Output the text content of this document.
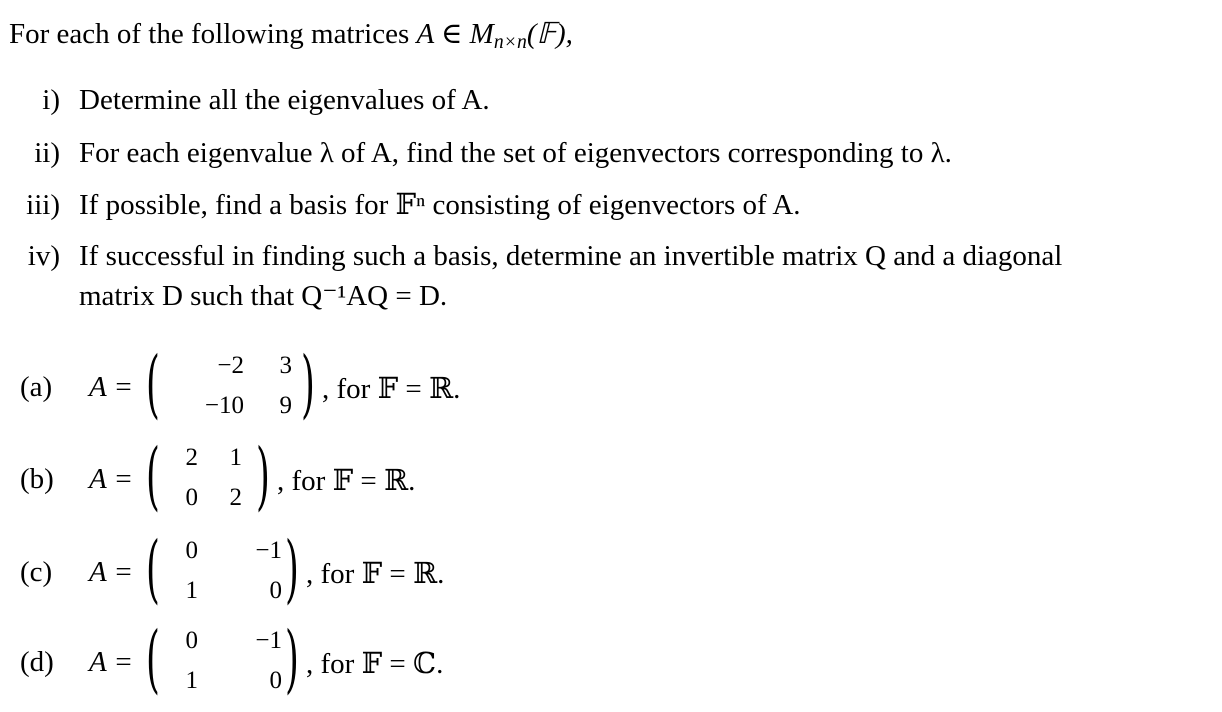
For each of the following matrices A ∈ $M_{n\times n}(𝔽)$,
i) Determine all the eigenvalues of A.
ii) For each eigenvalue λ of A, find the set of eigenvectors corresponding to λ.
iii) If possible, find a basis for 𝔽ⁿ consisting of eigenvectors of A.
iv) If successful in finding such a basis, determine an invertible matrix Q and a diagonal
matrix D such that Q⁻¹AQ = D.
(a) A = (	−2	3
−10	9 ) , for 𝔽 = ℝ.
(b) A = (	2	1
0	2 ) , for 𝔽 = ℝ.
(c) A = (	0	−1
1	0 ) , for 𝔽 = ℝ.
(d) A = (	0	−1
1	0 ) , for 𝔽 = ℂ.
